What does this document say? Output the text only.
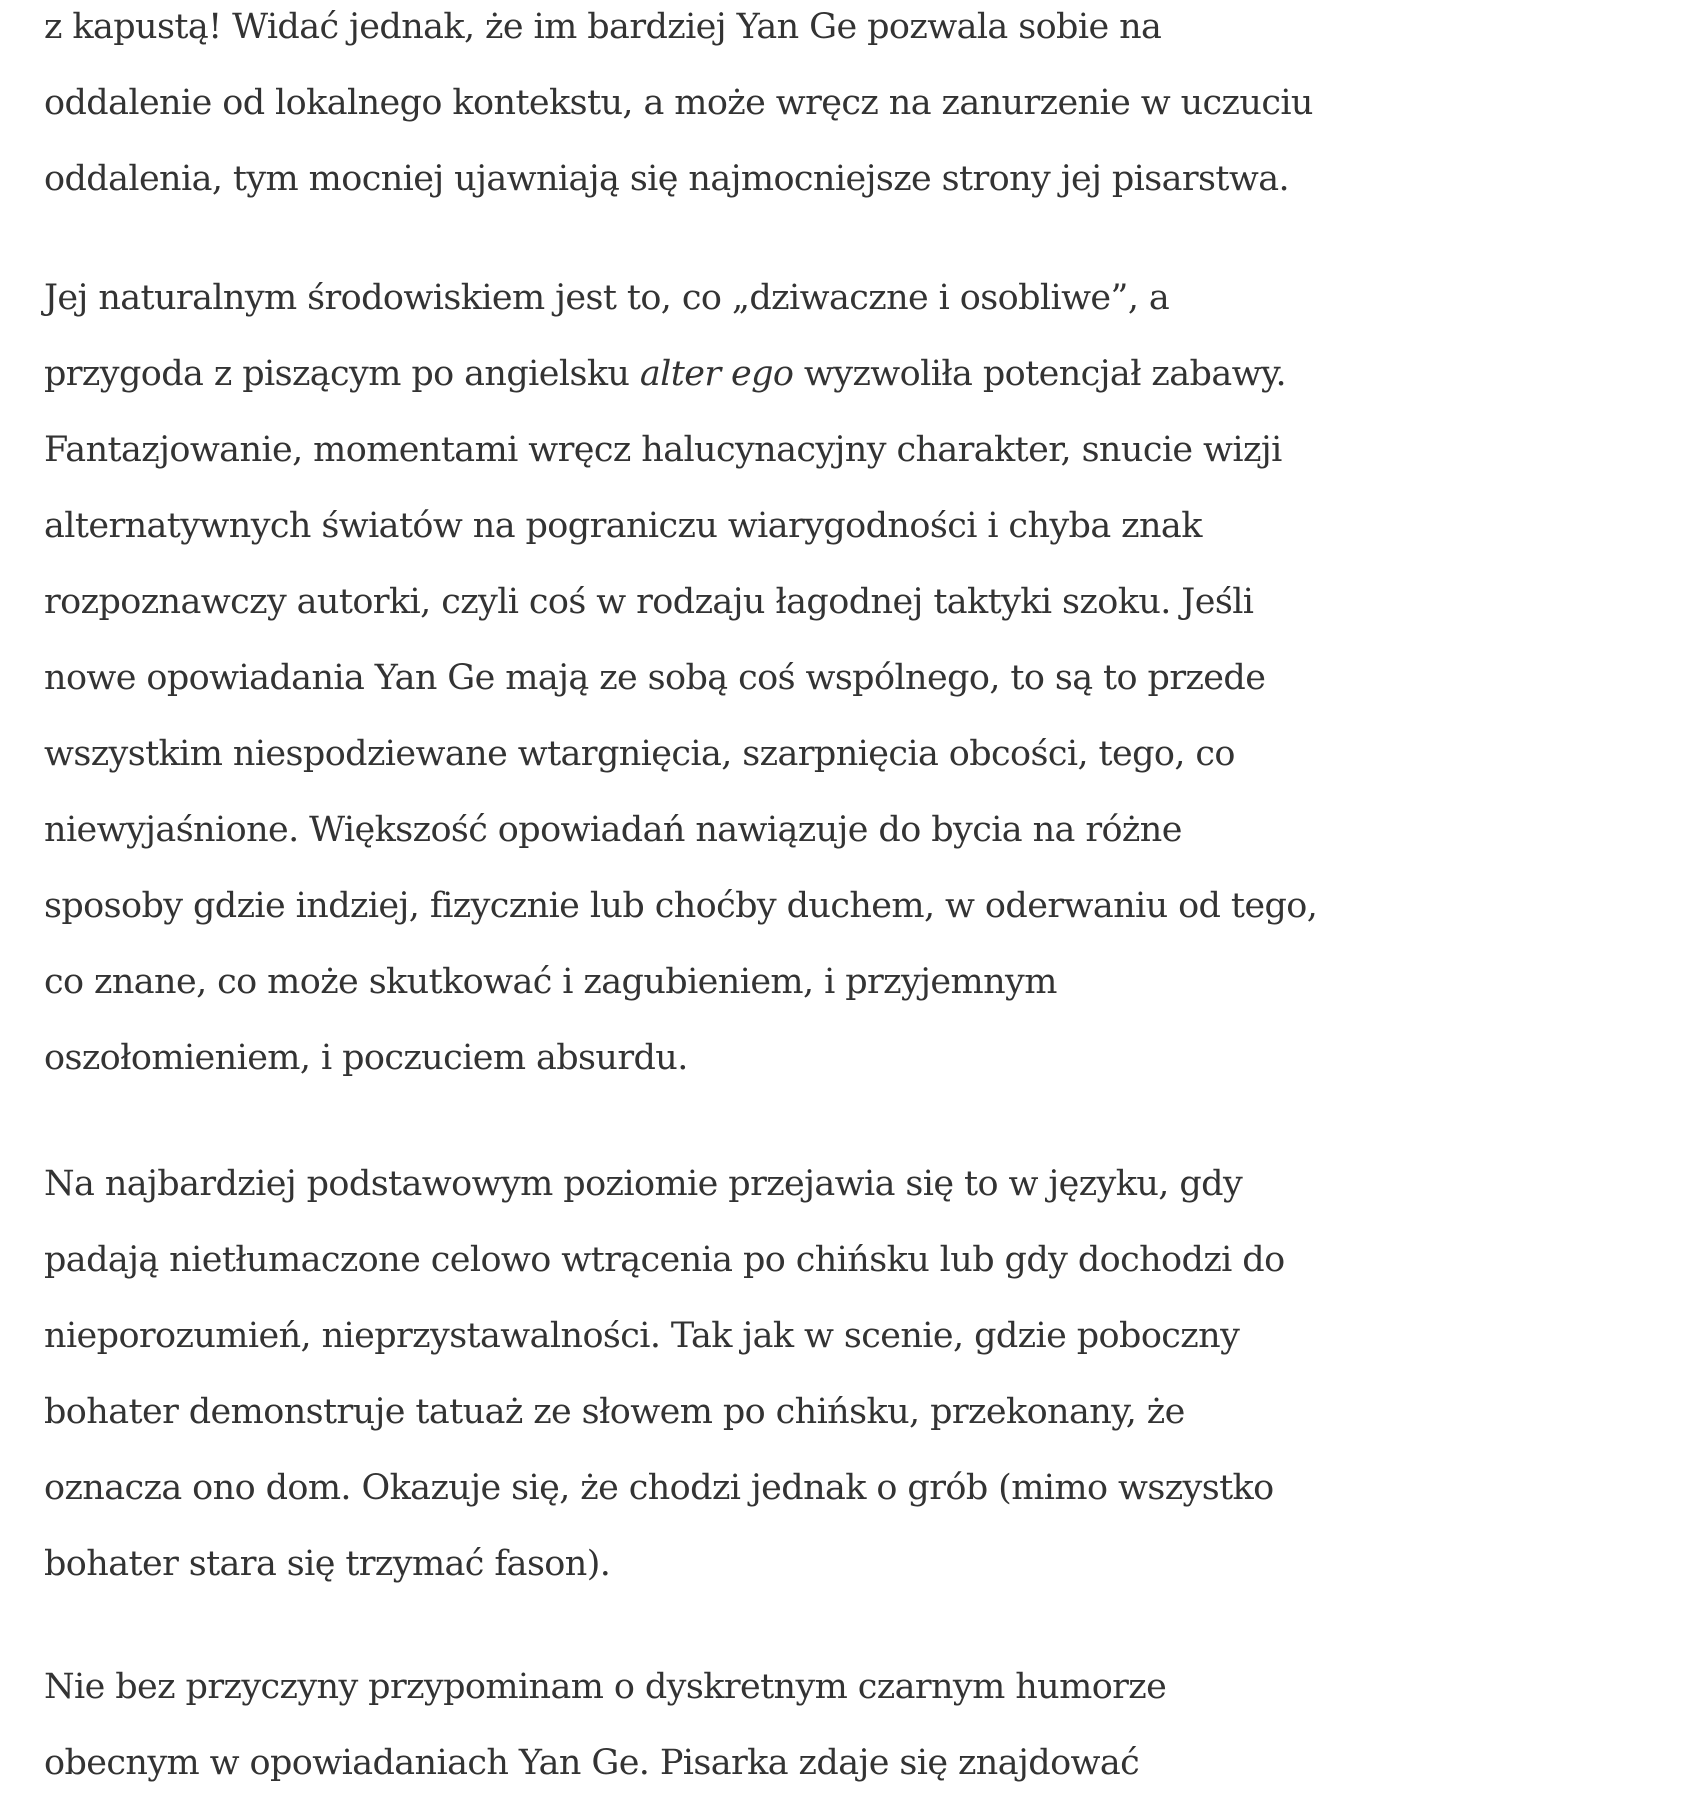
z kapustą! Widać jednak, że im bardziej Yan Ge pozwala sobie na
oddalenie od lokalnego kontekstu, a może wręcz na zanurzenie w uczuciu
oddalenia, tym mocniej ujawniają się najmocniejsze strony jej pisarstwa.

Jej naturalnym środowiskiem jest to, co „dziwaczne i osobliwe”, a
przygoda z piszącym po angielsku alter ego wyzwoliła potencjał zabawy.
Fantazjowanie, momentami wręcz halucynacyjny charakter, snucie wizji
alternatywnych światów na pograniczu wiarygodności i chyba znak
rozpoznawczy autorki, czyli coś w rodzaju łagodnej taktyki szoku. Jeśli
nowe opowiadania Yan Ge mają ze sobą coś wspólnego, to są to przede
wszystkim niespodziewane wtargnięcia, szarpnięcia obcości, tego, co
niewyjaśnione. Większość opowiadań nawiązuje do bycia na różne
sposoby gdzie indziej, fizycznie lub choćby duchem, w oderwaniu od tego,
co znane, co może skutkować i zagubieniem, i przyjemnym
oszołomieniem, i poczuciem absurdu.

Na najbardziej podstawowym poziomie przejawia się to w języku, gdy
padają nietłumaczone celowo wtrącenia po chińsku lub gdy dochodzi do
nieporozumień, nieprzystawalności. Tak jak w scenie, gdzie poboczny
bohater demonstruje tatuaż ze słowem po chińsku, przekonany, że
oznacza ono dom. Okazuje się, że chodzi jednak o grób (mimo wszystko
bohater stara się trzymać fason).

Nie bez przyczyny przypominam o dyskretnym czarnym humorze
obecnym w opowiadaniach Yan Ge. Pisarka zdaje się znajdować
